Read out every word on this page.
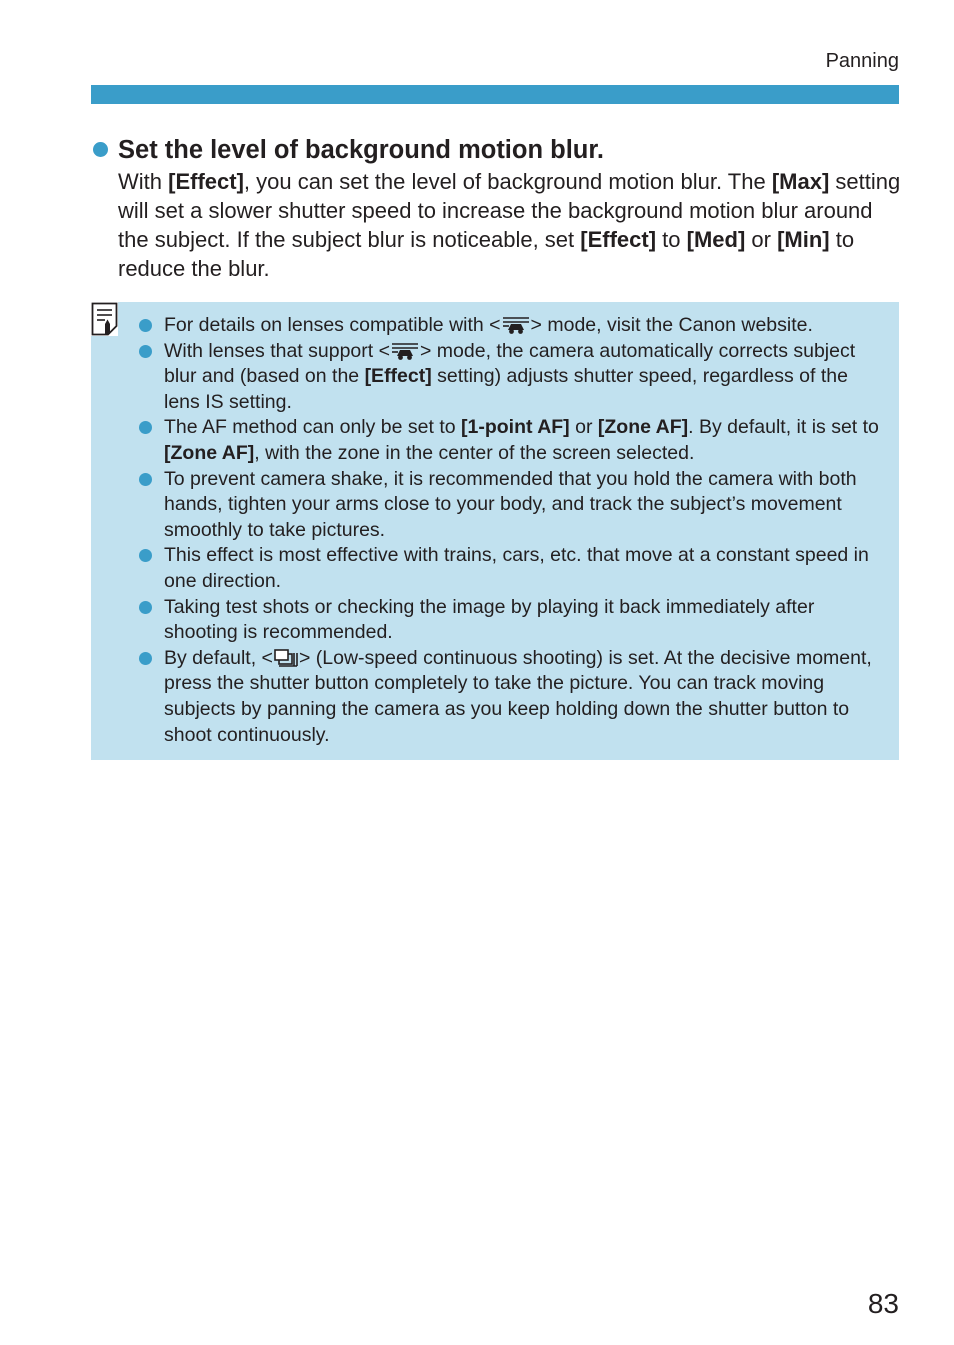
Panning
Set the level of background motion blur.

With [Effect], you can set the level of background motion blur. The [Max] setting will set a slower shutter speed to increase the background motion blur around the subject. If the subject blur is noticeable, set [Effect] to [Med] or [Min] to reduce the blur.

For details on lenses compatible with < > mode, visit the Canon website.
With lenses that support < > mode, the camera automatically corrects subject blur and (based on the [Effect] setting) adjusts shutter speed, regardless of the lens IS setting.
The AF method can only be set to [1-point AF] or [Zone AF]. By default, it is set to [Zone AF], with the zone in the center of the screen selected.
To prevent camera shake, it is recommended that you hold the camera with both hands, tighten your arms close to your body, and track the subject’s movement smoothly to take pictures.
This effect is most effective with trains, cars, etc. that move at a constant speed in one direction.
Taking test shots or checking the image by playing it back immediately after shooting is recommended.
By default, < > (Low-speed continuous shooting) is set. At the decisive moment, press the shutter button completely to take the picture. You can track moving subjects by panning the camera as you keep holding down the shutter button to shoot continuously.
83
